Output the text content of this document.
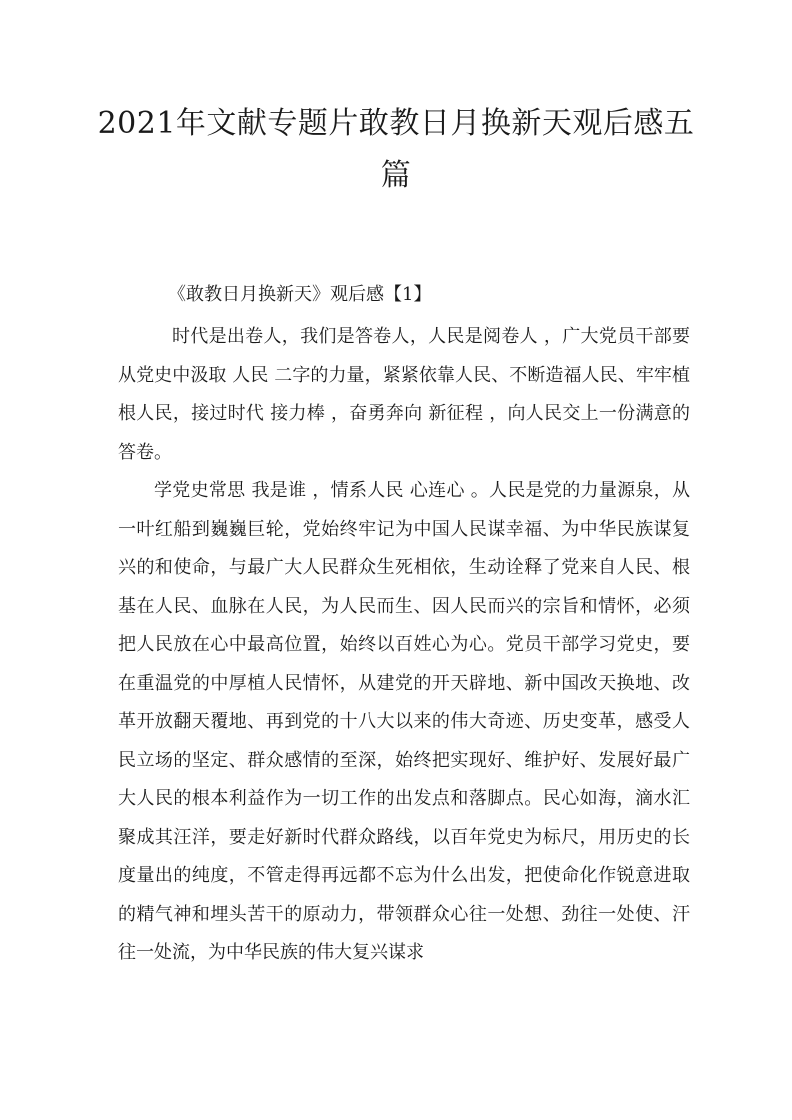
2021年文献专题片敢教日月换新天观后感五篇
《敢教日月换新天》观后感【1】

时代是出卷人，我们是答卷人，人民是阅卷人 ，广大党员干部要从党史中汲取 人民 二字的力量，紧紧依靠人民、不断造福人民、牢牢植根人民，接过时代 接力棒 ，奋勇奔向 新征程 ，向人民交上一份满意的答卷。

学党史常思 我是谁 ，情系人民 心连心 。人民是党的力量源泉，从一叶红船到巍巍巨轮，党始终牢记为中国人民谋幸福、为中华民族谋复兴的和使命，与最广大人民群众生死相依，生动诠释了党来自人民、根基在人民、血脉在人民，为人民而生、因人民而兴的宗旨和情怀，必须把人民放在心中最高位置，始终以百姓心为心。党员干部学习党史，要在重温党的中厚植人民情怀，从建党的开天辟地、新中国改天换地、改革开放翻天覆地、再到党的十八大以来的伟大奇迹、历史变革，感受人民立场的坚定、群众感情的至深，始终把实现好、维护好、发展好最广大人民的根本利益作为一切工作的出发点和落脚点。民心如海，滴水汇聚成其汪洋，要走好新时代群众路线，以百年党史为标尺，用历史的长度量出的纯度，不管走得再远都不忘为什么出发，把使命化作锐意进取的精气神和埋头苦干的原动力，带领群众心往一处想、劲往一处使、汗往一处流，为中华民族的伟大复兴谋求
